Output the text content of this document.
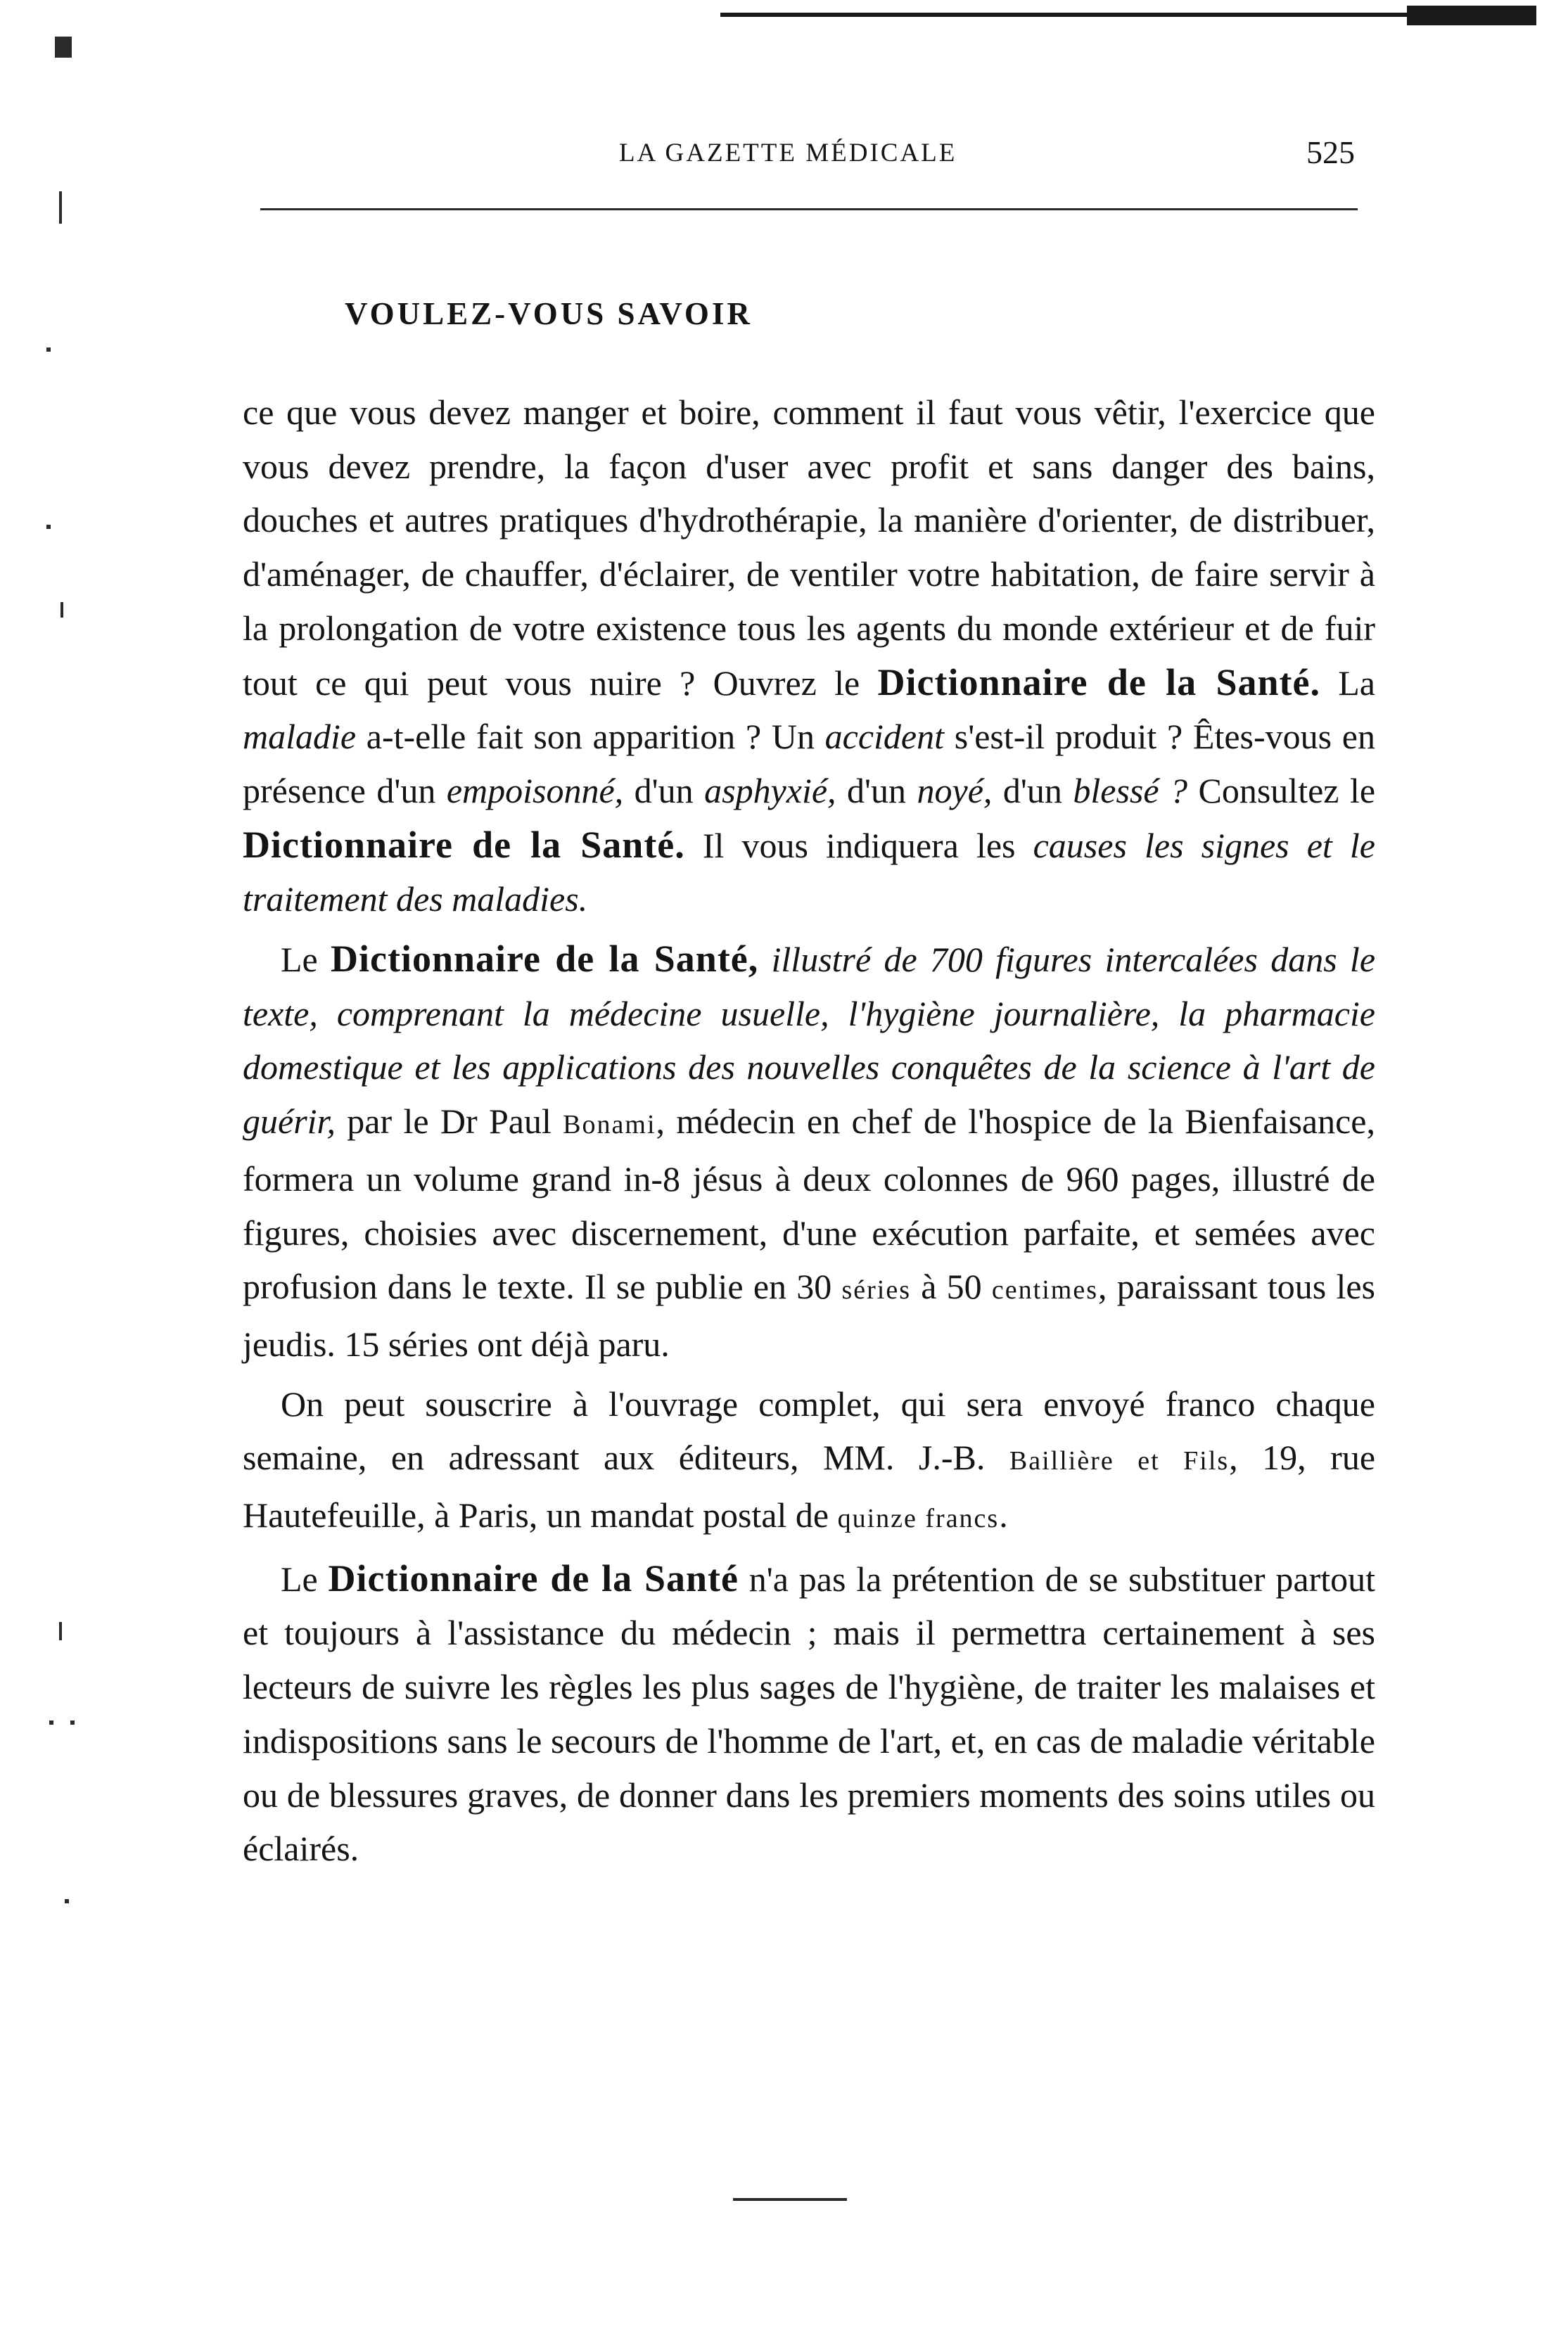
LA GAZETTE MÉDICALE	525
VOULEZ-VOUS SAVOIR

ce que vous devez manger et boire, comment il faut vous vêtir, l'exercice que vous devez prendre, la façon d'user avec profit et sans danger des bains, douches et autres pratiques d'hydrothérapie, la manière d'orienter, de distribuer, d'aménager, de chauffer, d'éclairer, de ventiler votre habitation, de faire servir à la prolongation de votre existence tous les agents du monde extérieur et de fuir tout ce qui peut vous nuire ? Ouvrez le Dictionnaire de la Santé. La maladie a-t-elle fait son apparition ? Un accident s'est-il produit ? Êtes-vous en présence d'un empoisonné, d'un asphyxié, d'un noyé, d'un blessé ? Consultez le Dictionnaire de la Santé. Il vous indiquera les causes les signes et le traitement des maladies.

Le Dictionnaire de la Santé, illustré de 700 figures intercalées dans le texte, comprenant la médecine usuelle, l'hygiène journalière, la pharmacie domestique et les applications des nouvelles conquêtes de la science à l'art de guérir, par le Dr Paul Bonami, médecin en chef de l'hospice de la Bienfaisance, formera un volume grand in-8 jésus à deux colonnes de 960 pages, illustré de figures, choisies avec discernement, d'une exécution parfaite, et semées avec profusion dans le texte. Il se publie en 30 séries à 50 centimes, paraissant tous les jeudis. 15 séries ont déjà paru.

On peut souscrire à l'ouvrage complet, qui sera envoyé franco chaque semaine, en adressant aux éditeurs, MM. J.-B. Baillière et Fils, 19, rue Hautefeuille, à Paris, un mandat postal de quinze francs.

Le Dictionnaire de la Santé n'a pas la prétention de se substituer partout et toujours à l'assistance du médecin ; mais il permettra certainement à ses lecteurs de suivre les règles les plus sages de l'hygiène, de traiter les malaises et indispositions sans le secours de l'homme de l'art, et, en cas de maladie véritable ou de blessures graves, de donner dans les premiers moments des soins utiles ou éclairés.
